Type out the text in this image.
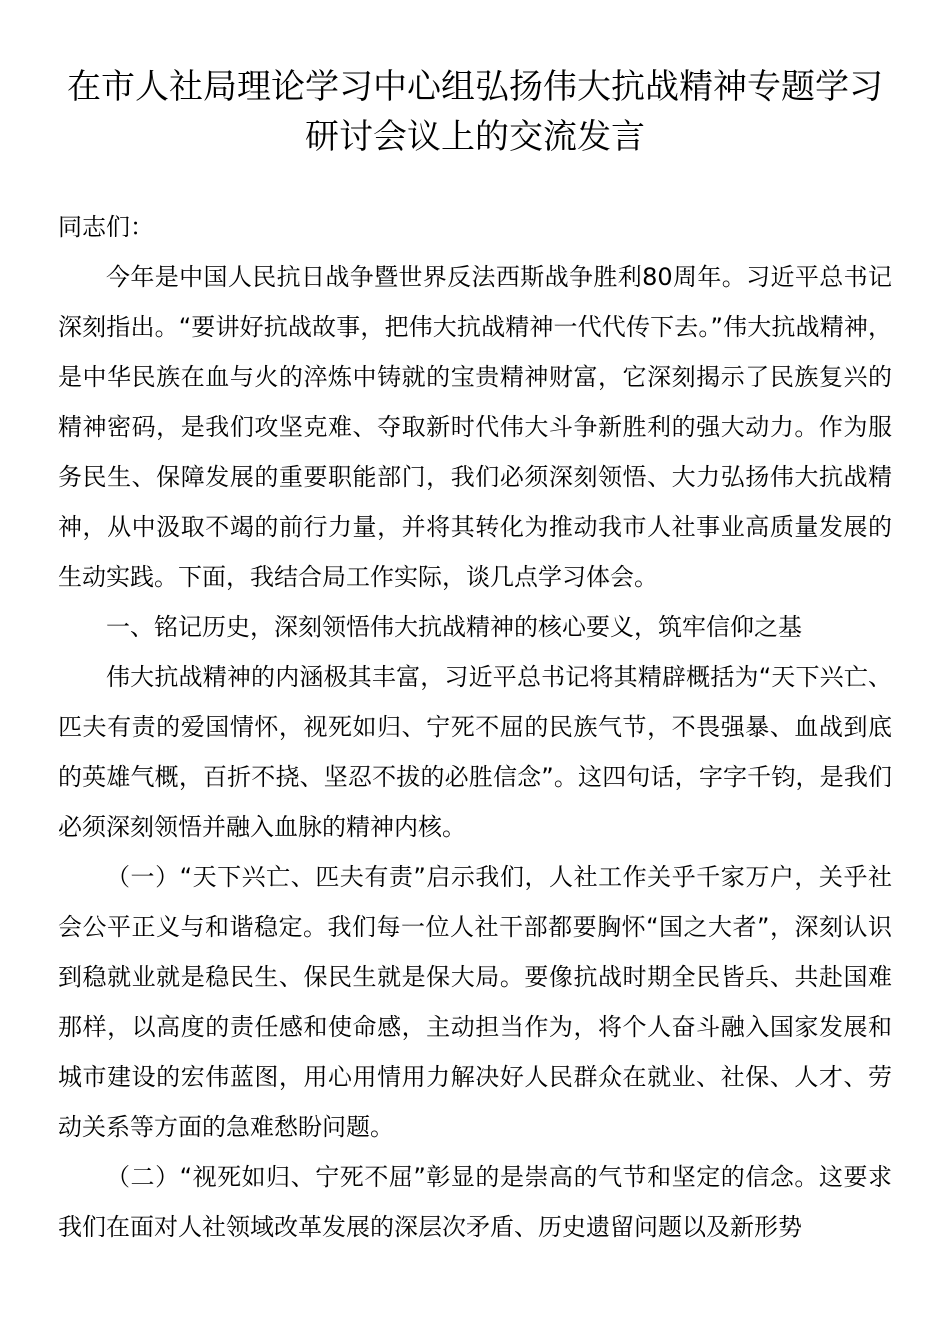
在市人社局理论学习中心组弘扬伟大抗战精神专题学习研讨会议上的交流发言

同志们：

今年是中国人民抗日战争暨世界反法西斯战争胜利80周年。习近平总书记深刻指出。“要讲好抗战故事，把伟大抗战精神一代代传下去。”伟大抗战精神，是中华民族在血与火的淬炼中铸就的宝贵精神财富，它深刻揭示了民族复兴的精神密码，是我们攻坚克难、夺取新时代伟大斗争新胜利的强大动力。作为服务民生、保障发展的重要职能部门，我们必须深刻领悟、大力弘扬伟大抗战精神，从中汲取不竭的前行力量，并将其转化为推动我市人社事业高质量发展的生动实践。下面，我结合局工作实际，谈几点学习体会。

一、铭记历史，深刻领悟伟大抗战精神的核心要义，筑牢信仰之基

伟大抗战精神的内涵极其丰富，习近平总书记将其精辟概括为“天下兴亡、匹夫有责的爱国情怀，视死如归、宁死不屈的民族气节，不畏强暴、血战到底的英雄气概，百折不挠、坚忍不拔的必胜信念”。这四句话，字字千钧，是我们必须深刻领悟并融入血脉的精神内核。

（一）“天下兴亡、匹夫有责”启示我们，人社工作关乎千家万户，关乎社会公平正义与和谐稳定。我们每一位人社干部都要胸怀“国之大者”，深刻认识到稳就业就是稳民生、保民生就是保大局。要像抗战时期全民皆兵、共赴国难那样，以高度的责任感和使命感，主动担当作为，将个人奋斗融入国家发展和城市建设的宏伟蓝图，用心用情用力解决好人民群众在就业、社保、人才、劳动关系等方面的急难愁盼问题。

（二）“视死如归、宁死不屈”彰显的是崇高的气节和坚定的信念。这要求我们在面对人社领域改革发展的深层次矛盾、历史遗留问题以及新形势
